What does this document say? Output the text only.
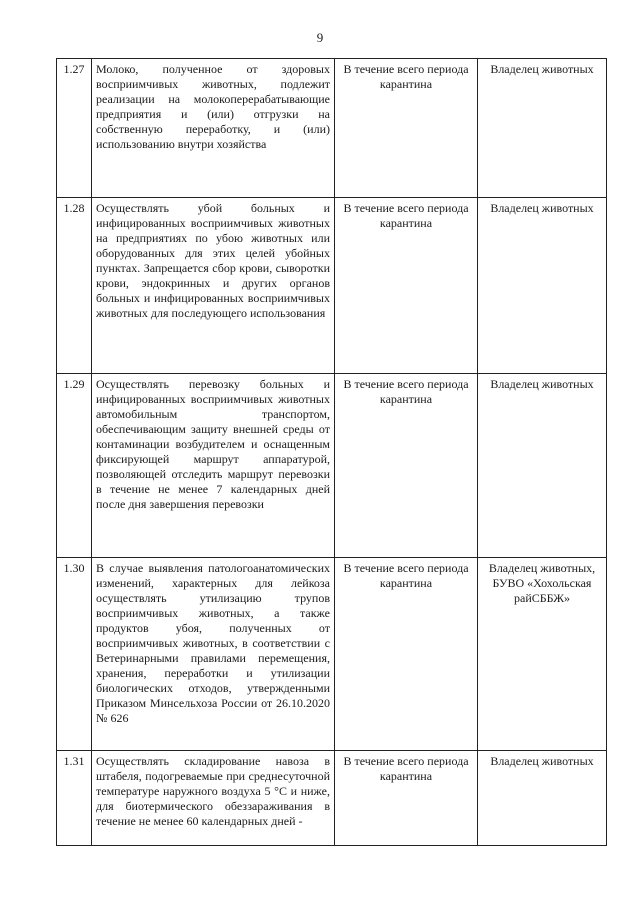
9
1.27	Молоко, полученное от здоровых восприимчивых животных, подлежит реализации на молокоперерабатывающие предприятия и (или) отгрузки на собственную переработку, и (или) использованию внутри хозяйства	В течение всего периода карантина	Владелец животных
1.28	Осуществлять убой больных и инфицированных восприимчивых животных на предприятиях по убою животных или оборудованных для этих целей убойных пунктах. Запрещается сбор крови, сыворотки крови, эндокринных и других органов больных и инфицированных восприимчивых животных для последующего использования	В течение всего периода карантина	Владелец животных
1.29	Осуществлять перевозку больных и инфицированных восприимчивых животных автомобильным транспортом, обеспечивающим защиту внешней среды от контаминации возбудителем и оснащенным фиксирующей маршрут аппаратурой, позволяющей отследить маршрут перевозки в течение не менее 7 календарных дней после дня завершения перевозки	В течение всего периода карантина	Владелец животных
1.30	В случае выявления патологоанатомических изменений, характерных для лейкоза осуществлять утилизацию трупов восприимчивых животных, а также продуктов убоя, полученных от восприимчивых животных, в соответствии с Ветеринарными правилами перемещения, хранения, переработки и утилизации биологических отходов, утвержденными Приказом Минсельхоза России от 26.10.2020 № 626	В течение всего периода карантина	Владелец животных, БУВО «Хохольская райСББЖ»
1.31	Осуществлять складирование навоза в штабеля, подогреваемые при среднесуточной температуре наружного воздуха 5 °С и ниже, для биотермического обеззараживания в течение не менее 60 календарных дней -	В течение всего периода карантина	Владелец животных
